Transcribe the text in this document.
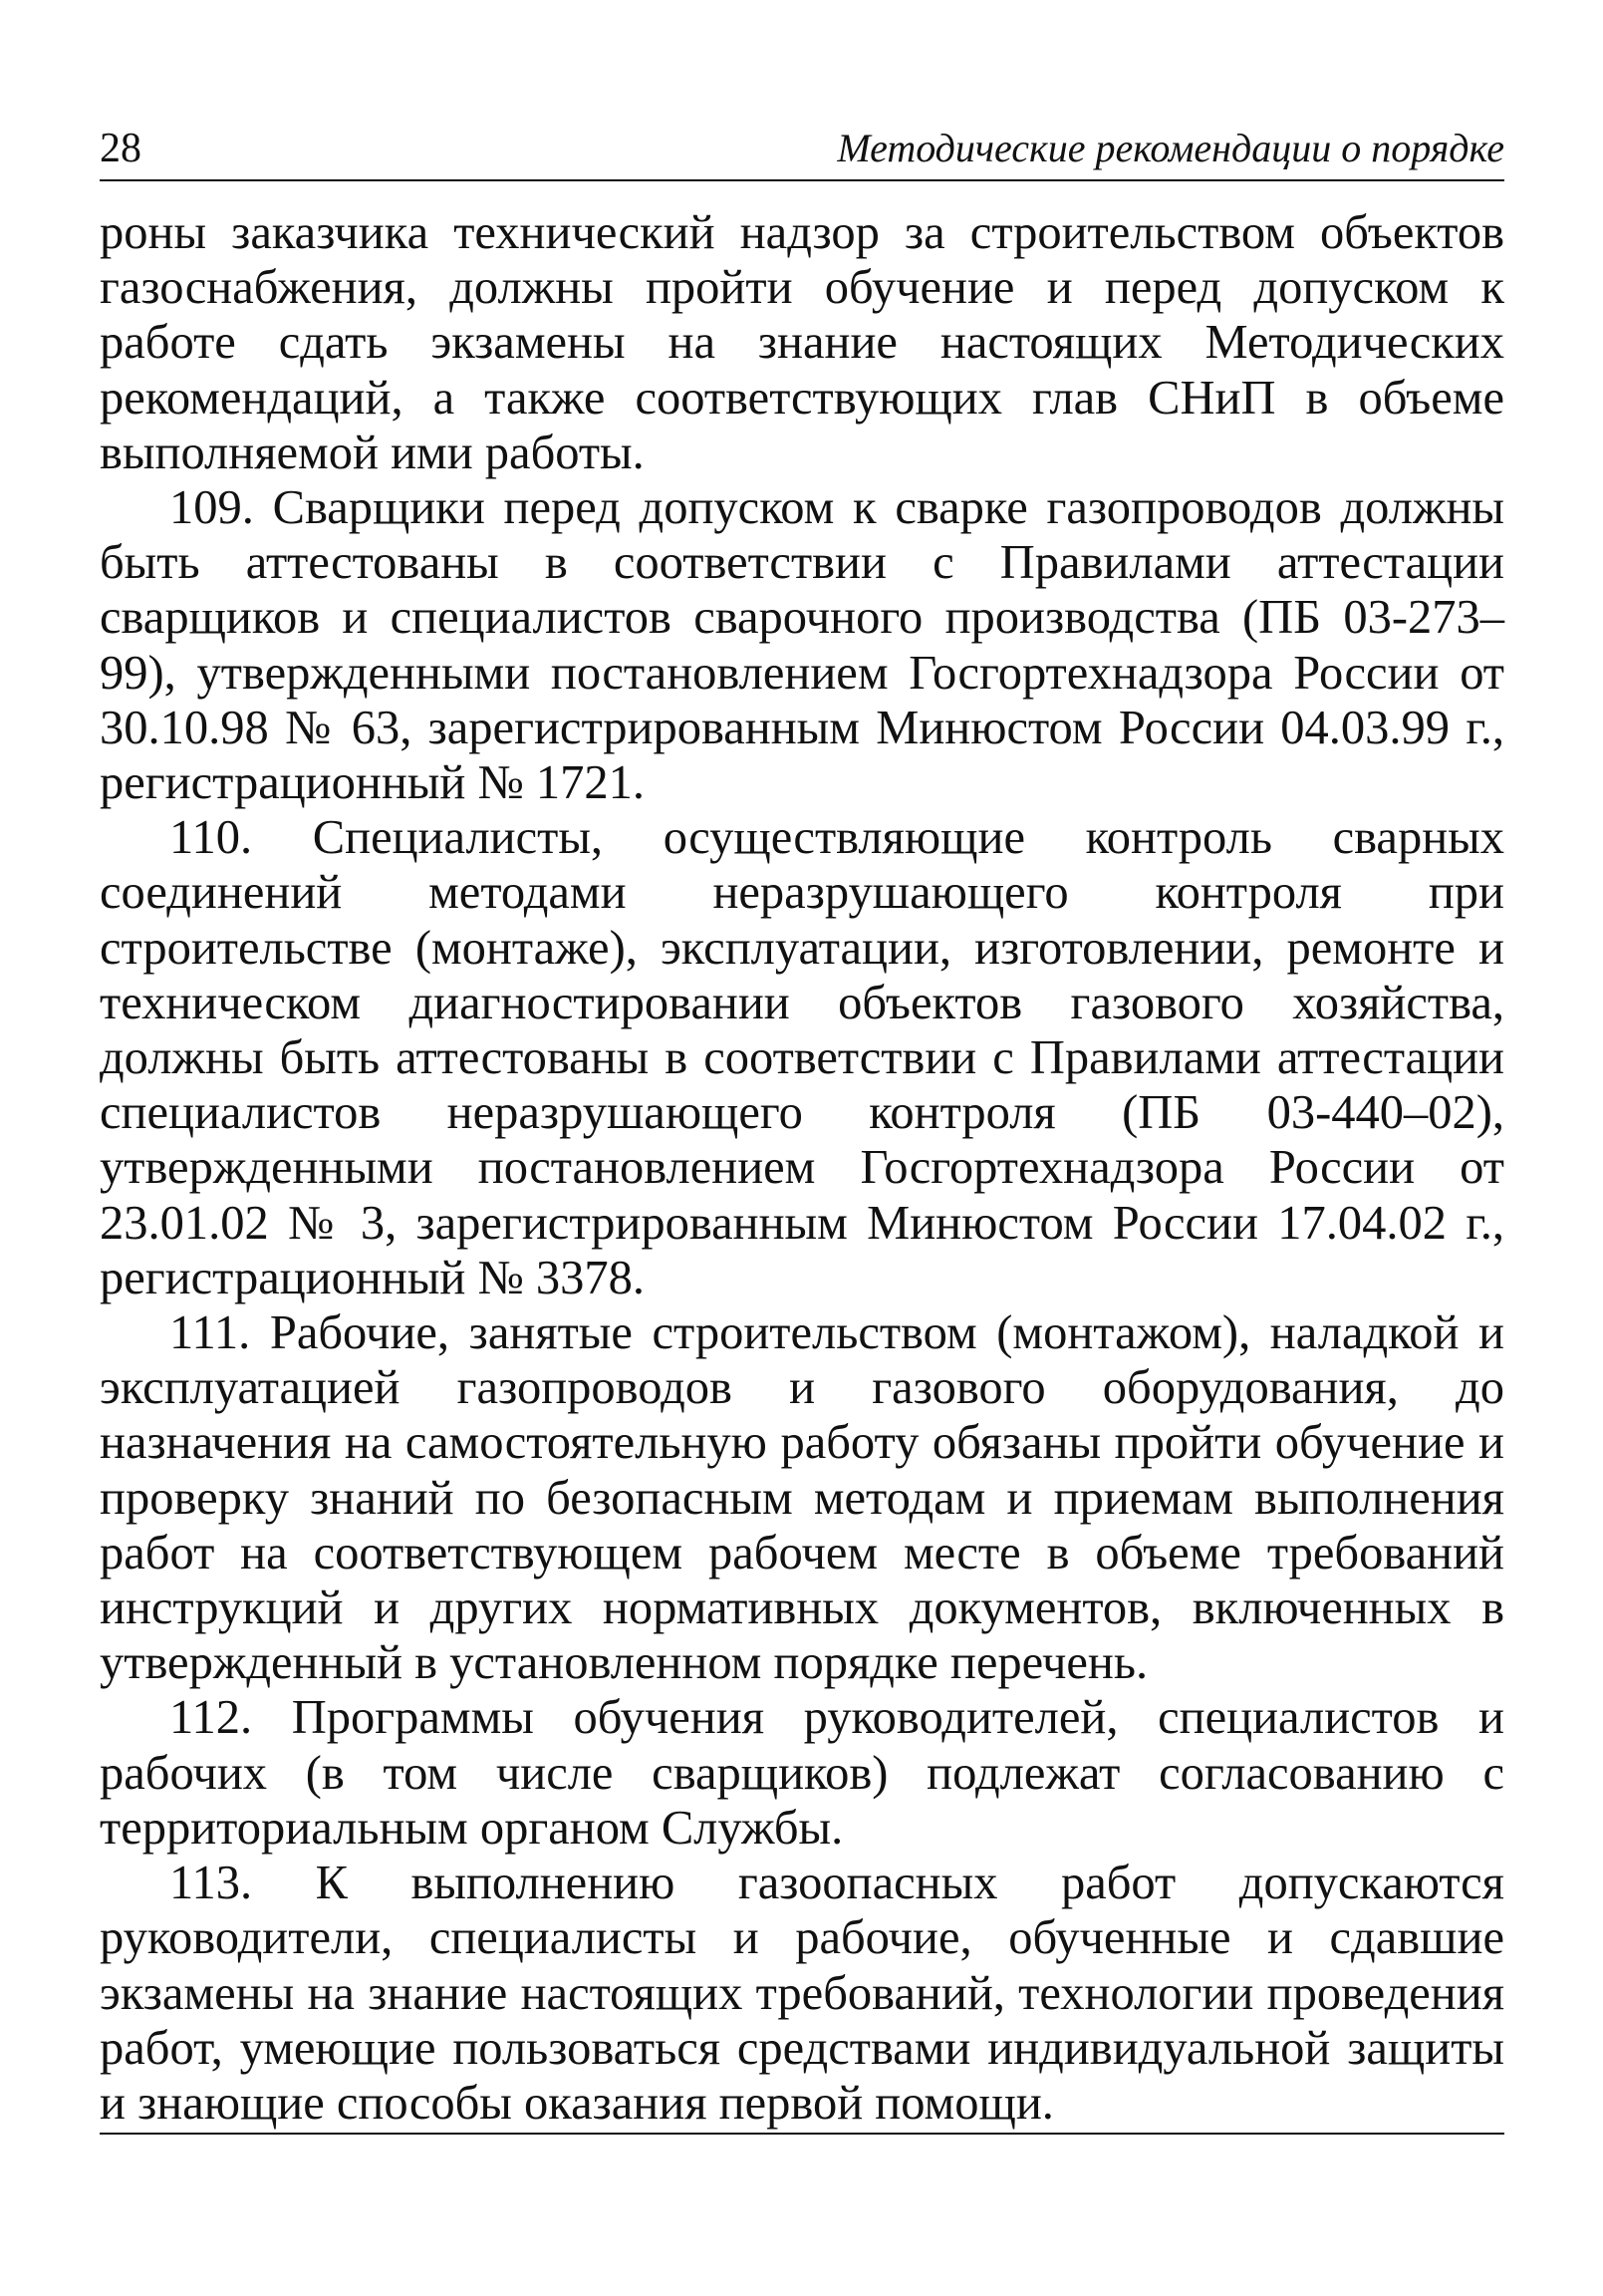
28	Методические рекомендации о порядке

роны заказчика технический надзор за строительством объектов газоснабжения, должны пройти обучение и перед допуском к работе сдать экзамены на знание настоящих Методических рекомендаций, а также соответствующих глав СНиП в объеме выполняемой ими работы.

109. Сварщики перед допуском к сварке газопроводов должны быть аттестованы в соответствии с Правилами аттестации сварщиков и специалистов сварочного производства (ПБ 03-273–99), утвержденными постановлением Госгортехнадзора России от 30.10.98 № 63, зарегистрированным Минюстом России 04.03.99 г., регистрационный № 1721.

110. Специалисты, осуществляющие контроль сварных соединений методами неразрушающего контроля при строительстве (монтаже), эксплуатации, изготовлении, ремонте и техническом диагностировании объектов газового хозяйства, должны быть аттестованы в соответствии с Правилами аттестации специалистов неразрушающего контроля (ПБ 03-440–02), утвержденными постановлением Госгортехнадзора России от 23.01.02 № 3, зарегистрированным Минюстом России 17.04.02 г., регистрационный № 3378.

111. Рабочие, занятые строительством (монтажом), наладкой и эксплуатацией газопроводов и газового оборудования, до назначения на самостоятельную работу обязаны пройти обучение и проверку знаний по безопасным методам и приемам выполнения работ на соответствующем рабочем месте в объеме требований инструкций и других нормативных документов, включенных в утвержденный в установленном порядке перечень.

112. Программы обучения руководителей, специалистов и рабочих (в том числе сварщиков) подлежат согласованию с территориальным органом Службы.

113. К выполнению газоопасных работ допускаются руководители, специалисты и рабочие, обученные и сдавшие экзамены на знание настоящих требований, технологии проведения работ, умеющие пользоваться средствами индивидуальной защиты и знающие способы оказания первой помощи.
